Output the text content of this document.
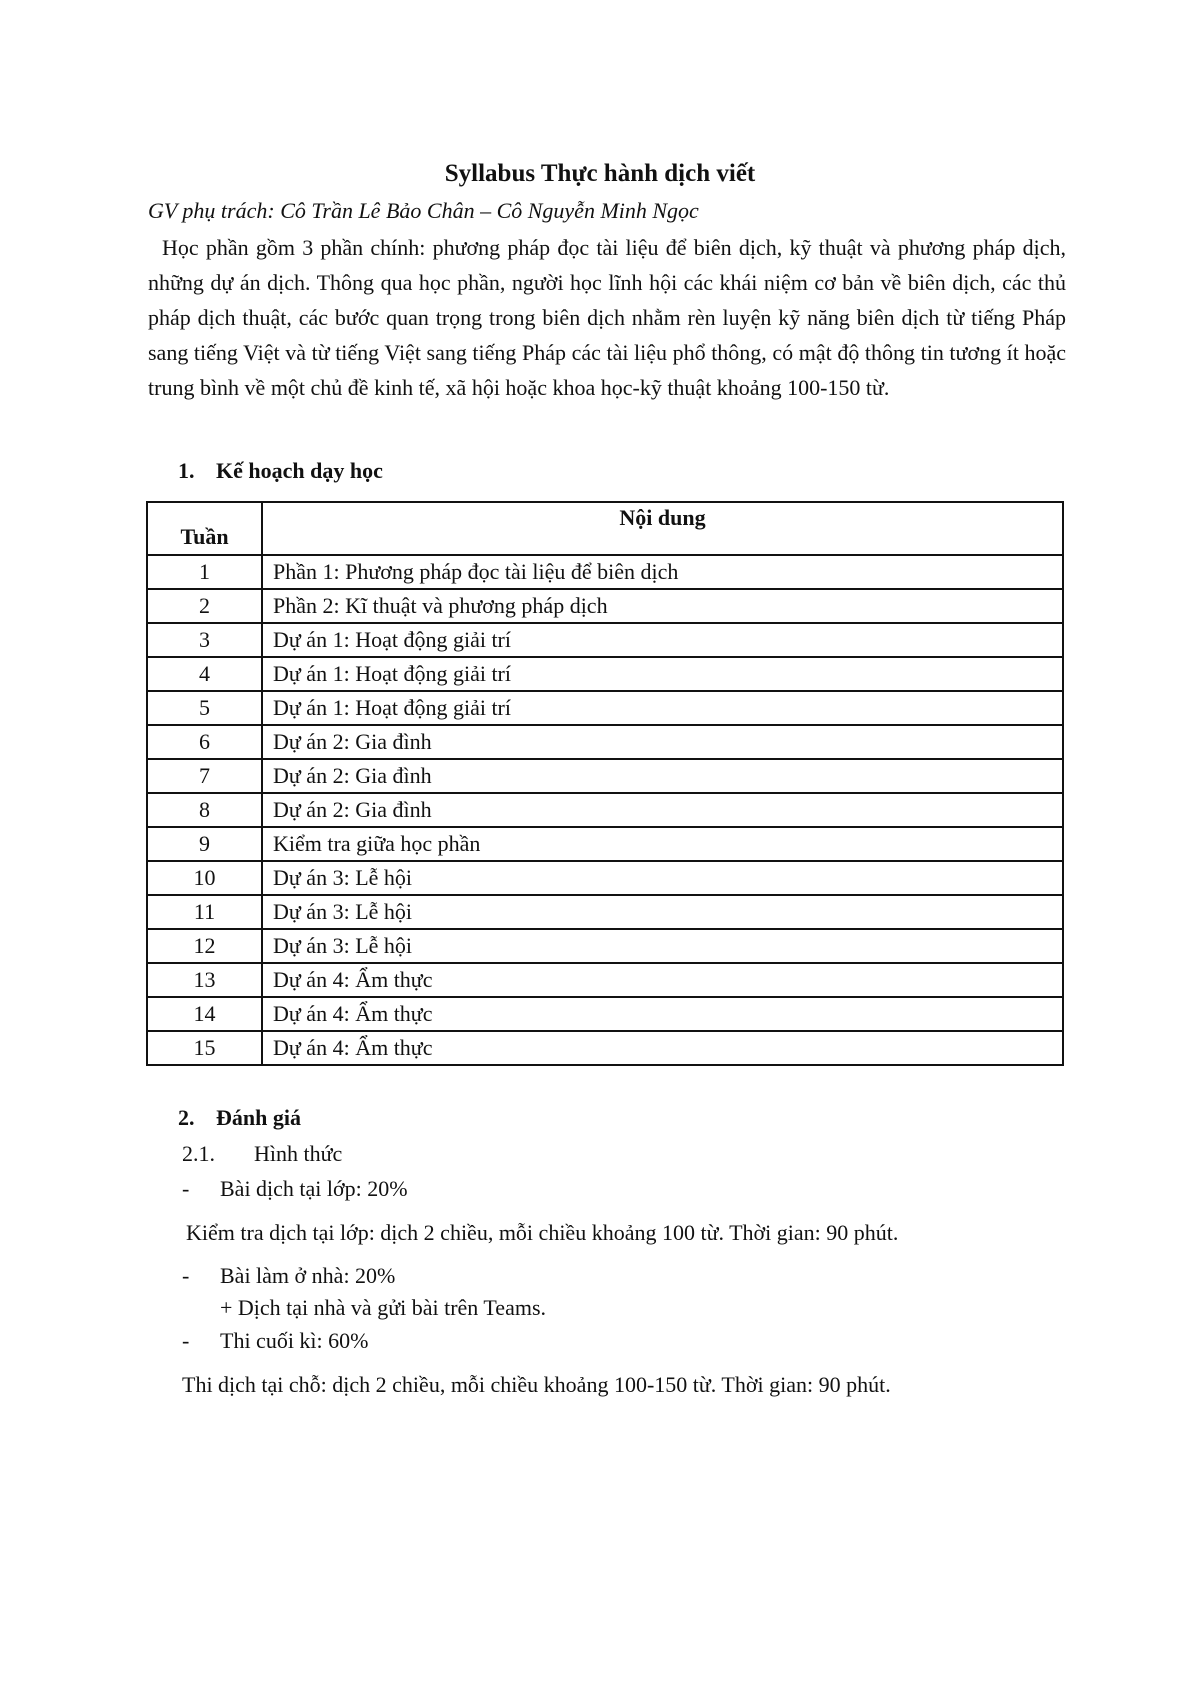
Syllabus Thực hành dịch viết
GV phụ trách: Cô Trần Lê Bảo Chân – Cô Nguyễn Minh Ngọc

Học phần gồm 3 phần chính: phương pháp đọc tài liệu để biên dịch, kỹ thuật và phương pháp dịch, những dự án dịch. Thông qua học phần, người học lĩnh hội các khái niệm cơ bản về biên dịch, các thủ pháp dịch thuật, các bước quan trọng trong biên dịch nhằm rèn luyện kỹ năng biên dịch từ tiếng Pháp sang tiếng Việt và từ tiếng Việt sang tiếng Pháp các tài liệu phổ thông, có mật độ thông tin tương ít hoặc trung bình về một chủ đề kinh tế, xã hội hoặc khoa học-kỹ thuật khoảng 100-150 từ.

1. Kế hoạch dạy học
Tuần	Nội dung
1	Phần 1: Phương pháp đọc tài liệu để biên dịch
2	Phần 2: Kĩ thuật và phương pháp dịch
3	Dự án 1: Hoạt động giải trí
4	Dự án 1: Hoạt động giải trí
5	Dự án 1: Hoạt động giải trí
6	Dự án 2: Gia đình
7	Dự án 2: Gia đình
8	Dự án 2: Gia đình
9	Kiểm tra giữa học phần
10	Dự án 3: Lễ hội
11	Dự án 3: Lễ hội
12	Dự án 3: Lễ hội
13	Dự án 4: Ẩm thực
14	Dự án 4: Ẩm thực
15	Dự án 4: Ẩm thực
2. Đánh giá
2.1. Hình thức
- Bài dịch tại lớp: 20%
Kiểm tra dịch tại lớp: dịch 2 chiều, mỗi chiều khoảng 100 từ. Thời gian: 90 phút.
- Bài làm ở nhà: 20%
+ Dịch tại nhà và gửi bài trên Teams.
- Thi cuối kì: 60%
Thi dịch tại chỗ: dịch 2 chiều, mỗi chiều khoảng 100-150 từ. Thời gian: 90 phút.
